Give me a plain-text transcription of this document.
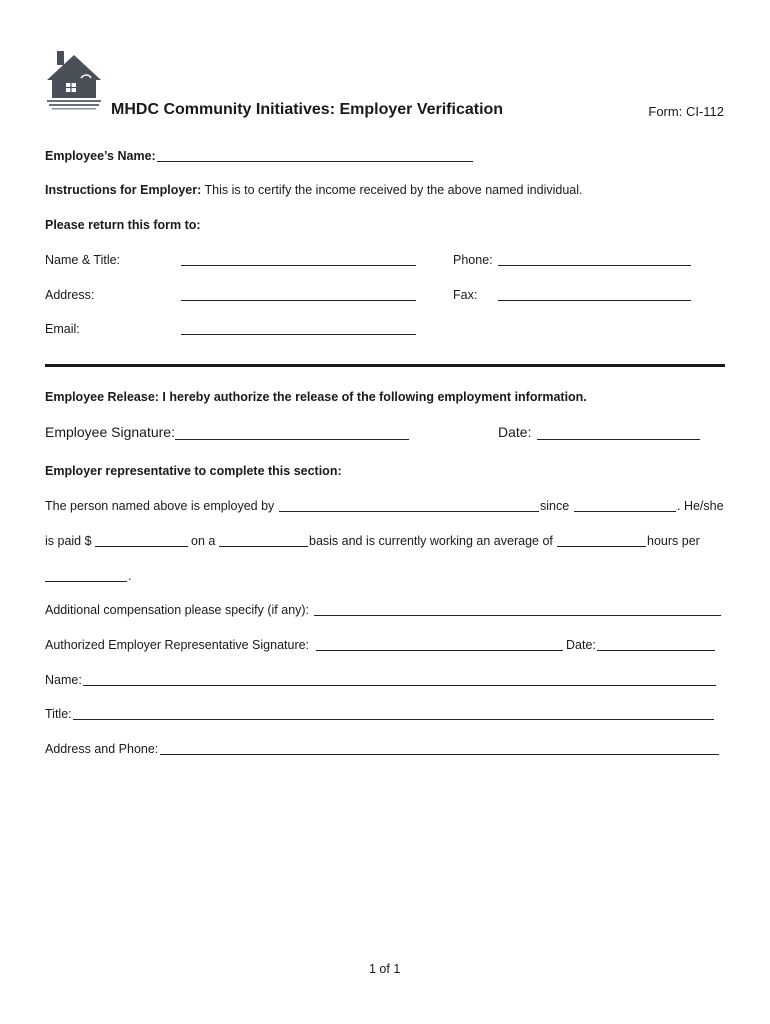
MHDC Community Initiatives: Employer Verification	Form: CI-112
Employee’s Name:
Instructions for Employer: This is to certify the income received by the above named individual.
Please return this form to:
Name & Title:	Phone:
Address:	Fax:
Email:
Employee Release: I hereby authorize the release of the following employment information.
Employee Signature:	Date:
Employer representative to complete this section:
The person named above is employed by	since	. He/she
is paid $	on a	basis and is currently working an average of	hours per
.
Additional compensation please specify (if any):
Authorized Employer Representative Signature:	Date:
Name:
Title:
Address and Phone:
1 of 1
